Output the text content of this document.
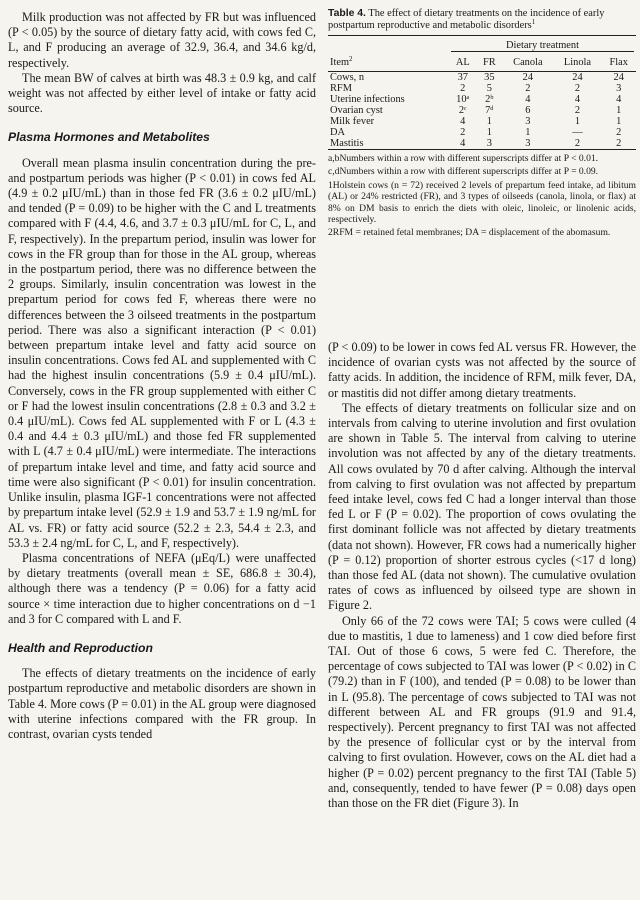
Milk production was not affected by FR but was influenced (P < 0.05) by the source of dietary fatty acid, with cows fed C, L, and F producing an average of 32.9, 36.4, and 34.6 kg/d, respectively.

The mean BW of calves at birth was 48.3 ± 0.9 kg, and calf weight was not affected by either level of intake or fatty acid source.

Plasma Hormones and Metabolites

Overall mean plasma insulin concentration during the pre- and postpartum periods was higher (P < 0.01) in cows fed AL (4.9 ± 0.2 μIU/mL) than in those fed FR (3.6 ± 0.2 μIU/mL) and tended (P = 0.09) to be higher with the C and L treatments compared with F (4.4, 4.6, and 3.7 ± 0.3 μIU/mL for C, L, and F, respectively). In the prepartum period, insulin was lower for cows in the FR group than for those in the AL group, whereas in the postpartum period, there was no difference between the 2 groups. Similarly, insulin concentration was lowest in the prepartum period for cows fed F, whereas there were no differences between the 3 oilseed treatments in the postpartum period. There was also a significant interaction (P < 0.01) between prepartum intake level and fatty acid source on insulin concentrations. Cows fed AL and supplemented with C had the highest insulin concentrations (5.9 ± 0.4 μIU/mL). Conversely, cows in the FR group supplemented with either C or F had the lowest insulin concentrations (2.8 ± 0.3 and 3.2 ± 0.4 μIU/mL). Cows fed AL supplemented with F or L (4.3 ± 0.4 and 4.4 ± 0.3 μIU/mL) and those fed FR supplemented with L (4.7 ± 0.4 μIU/mL) were intermediate. The interactions of prepartum intake level and time, and fatty acid source and time were also significant (P < 0.01) for insulin concentration. Unlike insulin, plasma IGF-1 concentrations were not affected by prepartum intake level (52.9 ± 1.9 and 53.7 ± 1.9 ng/mL for AL vs. FR) or fatty acid source (52.2 ± 2.3, 54.4 ± 2.3, and 53.3 ± 2.4 ng/mL for C, L, and F, respectively).

Plasma concentrations of NEFA (μEq/L) were unaffected by dietary treatments (overall mean ± SE, 686.8 ± 30.4), although there was a tendency (P = 0.06) for a fatty acid source × time interaction due to higher concentrations on d −1 and 3 for C compared with L and F.

Health and Reproduction

The effects of dietary treatments on the incidence of early postpartum reproductive and metabolic disorders are shown in Table 4. More cows (P = 0.01) in the AL group were diagnosed with uterine infections compared with the FR group. In contrast, ovarian cysts tended

Table 4. The effect of dietary treatments on the incidence of early postpartum reproductive and metabolic disorders$^1$

	Dietary treatment				
Item$^2$	AL	FR	Canola	Linola	Flax
Cows, n	37	35	24	24	24
RFM	2	5	2	2	3
Uterine infections	10ᵃ	2ᵇ	4	4	4
Ovarian cyst	2ᶜ	7ᵈ	6	2	1
Milk fever	4	1	3	1	1
DA	2	1	1	—	2
Mastitis	4	3	3	2	2

a,bNumbers within a row with different superscripts differ at P < 0.01.

c,dNumbers within a row with different superscripts differ at P = 0.09.

1Holstein cows (n = 72) received 2 levels of prepartum feed intake, ad libitum (AL) or 24% restricted (FR), and 3 types of oilseeds (canola, linola, or flax) at 8% on DM basis to enrich the diets with oleic, linoleic, or linolenic acids, respectively.

2RFM = retained fetal membranes; DA = displacement of the abomasum.

(P < 0.09) to be lower in cows fed AL versus FR. However, the incidence of ovarian cysts was not affected by the source of fatty acids. In addition, the incidence of RFM, milk fever, DA, or mastitis did not differ among dietary treatments.

The effects of dietary treatments on follicular size and on intervals from calving to uterine involution and first ovulation are shown in Table 5. The interval from calving to uterine involution was not affected by any of the dietary treatments. All cows ovulated by 70 d after calving. Although the interval from calving to first ovulation was not affected by prepartum feed intake level, cows fed C had a longer interval than those fed L or F (P = 0.02). The proportion of cows ovulating the first dominant follicle was not affected by dietary treatments (data not shown). However, FR cows had a numerically higher (P = 0.12) proportion of shorter estrous cycles (<17 d long) than those fed AL (data not shown). The cumulative ovulation rates of cows as influenced by oilseed type are shown in Figure 2.

Only 66 of the 72 cows were TAI; 5 cows were culled (4 due to mastitis, 1 due to lameness) and 1 cow died before first TAI. Out of those 6 cows, 5 were fed C. Therefore, the percentage of cows subjected to TAI was lower (P < 0.02) in C (79.2) than in F (100), and tended (P = 0.08) to be lower than in L (95.8). The percentage of cows subjected to TAI was not different between AL and FR groups (91.9 and 91.4, respectively). Percent pregnancy to first TAI was not affected by the presence of follicular cyst or by the interval from calving to first ovulation. However, cows on the AL diet had a higher (P = 0.02) percent pregnancy to the first TAI (Table 5) and, consequently, tended to have fewer (P = 0.08) days open than those on the FR diet (Figure 3). In
